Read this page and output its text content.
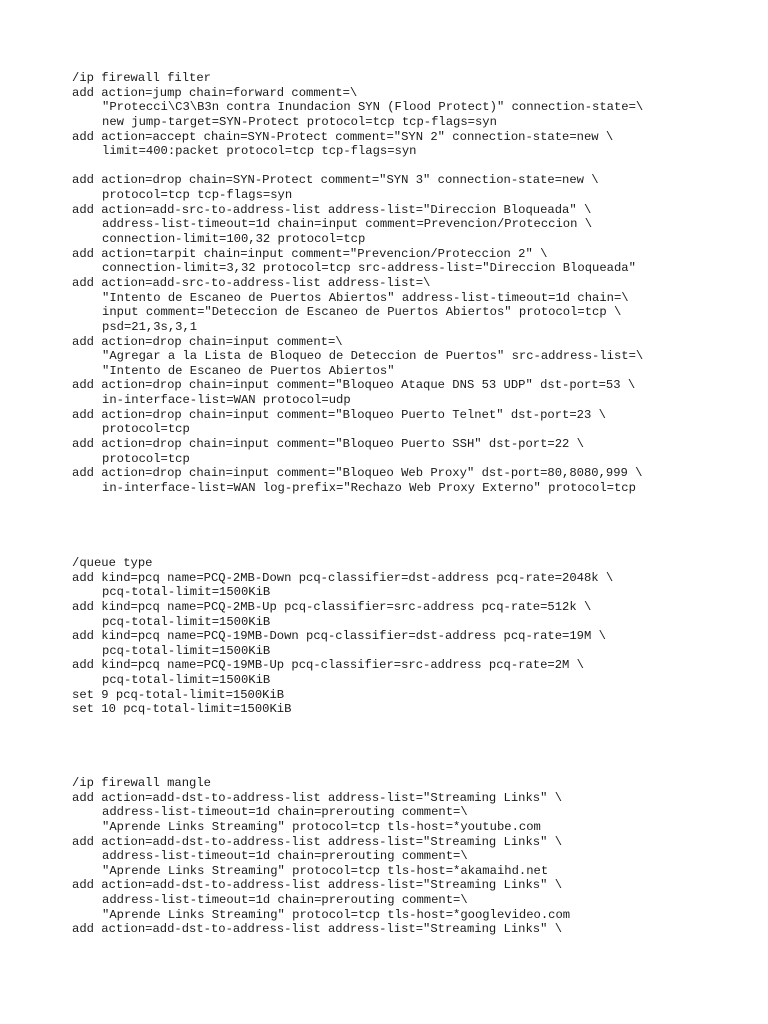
/ip firewall filter
add action=jump chain=forward comment=\
"Protecci\C3\B3n contra Inundacion SYN (Flood Protect)" connection-state=\
new jump-target=SYN-Protect protocol=tcp tcp-flags=syn
add action=accept chain=SYN-Protect comment="SYN 2" connection-state=new \
limit=400:packet protocol=tcp tcp-flags=syn
add action=drop chain=SYN-Protect comment="SYN 3" connection-state=new \
protocol=tcp tcp-flags=syn
add action=add-src-to-address-list address-list="Direccion Bloqueada" \
address-list-timeout=1d chain=input comment=Prevencion/Proteccion \
connection-limit=100,32 protocol=tcp
add action=tarpit chain=input comment="Prevencion/Proteccion 2" \
connection-limit=3,32 protocol=tcp src-address-list="Direccion Bloqueada"
add action=add-src-to-address-list address-list=\
"Intento de Escaneo de Puertos Abiertos" address-list-timeout=1d chain=\
input comment="Deteccion de Escaneo de Puertos Abiertos" protocol=tcp \
psd=21,3s,3,1
add action=drop chain=input comment=\
"Agregar a la Lista de Bloqueo de Deteccion de Puertos" src-address-list=\
"Intento de Escaneo de Puertos Abiertos"
add action=drop chain=input comment="Bloqueo Ataque DNS 53 UDP" dst-port=53 \
in-interface-list=WAN protocol=udp
add action=drop chain=input comment="Bloqueo Puerto Telnet" dst-port=23 \
protocol=tcp
add action=drop chain=input comment="Bloqueo Puerto SSH" dst-port=22 \
protocol=tcp
add action=drop chain=input comment="Bloqueo Web Proxy" dst-port=80,8080,999 \
in-interface-list=WAN log-prefix="Rechazo Web Proxy Externo" protocol=tcp
/queue type
add kind=pcq name=PCQ-2MB-Down pcq-classifier=dst-address pcq-rate=2048k \
pcq-total-limit=1500KiB
add kind=pcq name=PCQ-2MB-Up pcq-classifier=src-address pcq-rate=512k \
pcq-total-limit=1500KiB
add kind=pcq name=PCQ-19MB-Down pcq-classifier=dst-address pcq-rate=19M \
pcq-total-limit=1500KiB
add kind=pcq name=PCQ-19MB-Up pcq-classifier=src-address pcq-rate=2M \
pcq-total-limit=1500KiB
set 9 pcq-total-limit=1500KiB
set 10 pcq-total-limit=1500KiB
/ip firewall mangle
add action=add-dst-to-address-list address-list="Streaming Links" \
address-list-timeout=1d chain=prerouting comment=\
"Aprende Links Streaming" protocol=tcp tls-host=*youtube.com
add action=add-dst-to-address-list address-list="Streaming Links" \
address-list-timeout=1d chain=prerouting comment=\
"Aprende Links Streaming" protocol=tcp tls-host=*akamaihd.net
add action=add-dst-to-address-list address-list="Streaming Links" \
address-list-timeout=1d chain=prerouting comment=\
"Aprende Links Streaming" protocol=tcp tls-host=*googlevideo.com
add action=add-dst-to-address-list address-list="Streaming Links" \
